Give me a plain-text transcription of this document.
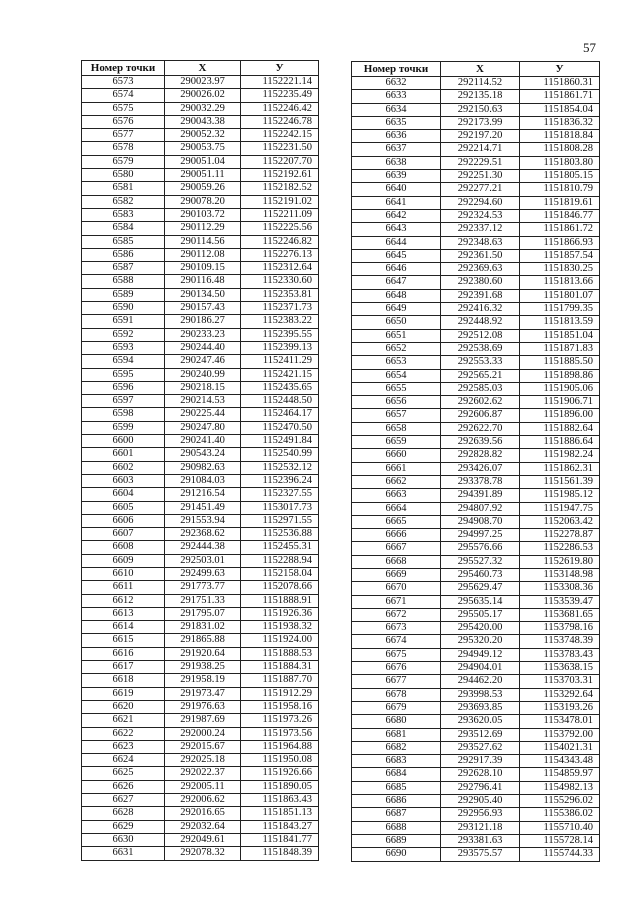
57
Номер точки	X	У
6573	290023.97	1152221.14
6574	290026.02	1152235.49
6575	290032.29	1152246.42
6576	290043.38	1152246.78
6577	290052.32	1152242.15
6578	290053.75	1152231.50
6579	290051.04	1152207.70
6580	290051.11	1152192.61
6581	290059.26	1152182.52
6582	290078.20	1152191.02
6583	290103.72	1152211.09
6584	290112.29	1152225.56
6585	290114.56	1152246.82
6586	290112.08	1152276.13
6587	290109.15	1152312.64
6588	290116.48	1152330.60
6589	290134.50	1152353.81
6590	290157.43	1152371.73
6591	290186.27	1152383.22
6592	290233.23	1152395.55
6593	290244.40	1152399.13
6594	290247.46	1152411.29
6595	290240.99	1152421.15
6596	290218.15	1152435.65
6597	290214.53	1152448.50
6598	290225.44	1152464.17
6599	290247.80	1152470.50
6600	290241.40	1152491.84
6601	290543.24	1152540.99
6602	290982.63	1152532.12
6603	291084.03	1152396.24
6604	291216.54	1152327.55
6605	291451.49	1153017.73
6606	291553.94	1152971.55
6607	292368.62	1152536.88
6608	292444.38	1152455.31
6609	292503.01	1152288.94
6610	292499.63	1152158.04
6611	291773.77	1152078.66
6612	291751.33	1151888.91
6613	291795.07	1151926.36
6614	291831.02	1151938.32
6615	291865.88	1151924.00
6616	291920.64	1151888.53
6617	291938.25	1151884.31
6618	291958.19	1151887.70
6619	291973.47	1151912.29
6620	291976.63	1151958.16
6621	291987.69	1151973.26
6622	292000.24	1151973.56
6623	292015.67	1151964.88
6624	292025.18	1151950.08
6625	292022.37	1151926.66
6626	292005.11	1151890.05
6627	292006.62	1151863.43
6628	292016.65	1151851.13
6629	292032.64	1151843.27
6630	292049.61	1151841.77
6631	292078.32	1151848.39
Номер точки	X	У
6632	292114.52	1151860.31
6633	292135.18	1151861.71
6634	292150.63	1151854.04
6635	292173.99	1151836.32
6636	292197.20	1151818.84
6637	292214.71	1151808.28
6638	292229.51	1151803.80
6639	292251.30	1151805.15
6640	292277.21	1151810.79
6641	292294.60	1151819.61
6642	292324.53	1151846.77
6643	292337.12	1151861.72
6644	292348.63	1151866.93
6645	292361.50	1151857.54
6646	292369.63	1151830.25
6647	292380.60	1151813.66
6648	292391.68	1151801.07
6649	292416.32	1151799.35
6650	292448.92	1151813.59
6651	292512.08	1151851.04
6652	292538.69	1151871.83
6653	292553.33	1151885.50
6654	292565.21	1151898.86
6655	292585.03	1151905.06
6656	292602.62	1151906.71
6657	292606.87	1151896.00
6658	292622.70	1151882.64
6659	292639.56	1151886.64
6660	292828.82	1151982.24
6661	293426.07	1151862.31
6662	293378.78	1151561.39
6663	294391.89	1151985.12
6664	294807.92	1151947.75
6665	294908.70	1152063.42
6666	294997.25	1152278.87
6667	295576.66	1152286.53
6668	295527.32	1152619.80
6669	295460.73	1153148.98
6670	295629.47	1153308.36
6671	295635.14	1153539.47
6672	295505.17	1153681.65
6673	295420.00	1153798.16
6674	295320.20	1153748.39
6675	294949.12	1153783.43
6676	294904.01	1153638.15
6677	294462.20	1153703.31
6678	293998.53	1153292.64
6679	293693.85	1153193.26
6680	293620.05	1153478.01
6681	293512.69	1153792.00
6682	293527.62	1154021.31
6683	292917.39	1154343.48
6684	292628.10	1154859.97
6685	292796.41	1154982.13
6686	292905.40	1155296.02
6687	292956.93	1155386.02
6688	293121.18	1155710.40
6689	293381.63	1155728.14
6690	293575.57	1155744.33
